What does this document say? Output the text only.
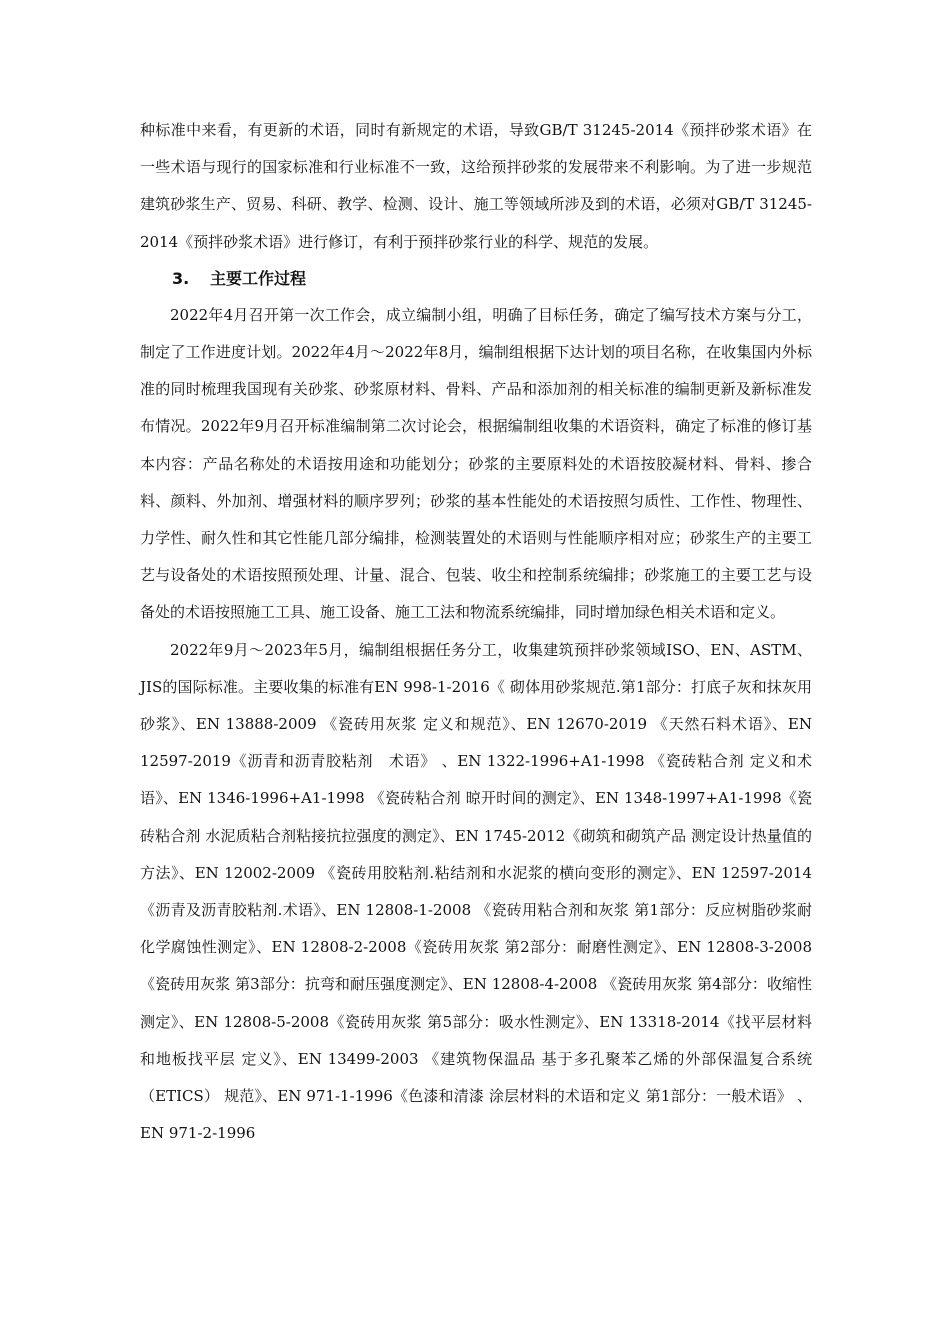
种标准中来看，有更新的术语，同时有新规定的术语，导致GB/T 31245-2014《预拌砂浆术语》在一些术语与现行的国家标准和行业标准不一致，这给预拌砂浆的发展带来不利影响。为了进一步规范建筑砂浆生产、贸易、科研、教学、检测、设计、施工等领域所涉及到的术语，必须对GB/T 31245-2014《预拌砂浆术语》进行修订，有利于预拌砂浆行业的科学、规范的发展。

3. 主要工作过程

2022年4月召开第一次工作会，成立编制小组，明确了目标任务，确定了编写技术方案与分工，制定了工作进度计划。2022年4月～2022年8月，编制组根据下达计划的项目名称，在收集国内外标准的同时梳理我国现有关砂浆、砂浆原材料、骨料、产品和添加剂的相关标准的编制更新及新标准发布情况。2022年9月召开标准编制第二次讨论会，根据编制组收集的术语资料，确定了标准的修订基本内容：产品名称处的术语按用途和功能划分；砂浆的主要原料处的术语按胶凝材料、骨料、掺合料、颜料、外加剂、增强材料的顺序罗列；砂浆的基本性能处的术语按照匀质性、工作性、物理性、力学性、耐久性和其它性能几部分编排，检测装置处的术语则与性能顺序相对应；砂浆生产的主要工艺与设备处的术语按照预处理、计量、混合、包装、收尘和控制系统编排；砂浆施工的主要工艺与设备处的术语按照施工工具、施工设备、施工工法和物流系统编排，同时增加绿色相关术语和定义。

2022年9月～2023年5月，编制组根据任务分工，收集建筑预拌砂浆领域ISO、EN、ASTM、JIS的国际标准。主要收集的标准有EN 998-1-2016《 砌体用砂浆规范.第1部分：打底子灰和抹灰用砂浆》、EN 13888-2009 《瓷砖用灰浆 定义和规范》、EN 12670-2019 《天然石料术语》、EN 12597-2019《沥青和沥青胶粘剂　术语》 、EN 1322-1996+A1-1998 《瓷砖粘合剂 定义和术语》、EN 1346-1996+A1-1998 《瓷砖粘合剂 晾开时间的测定》、EN 1348-1997+A1-1998《瓷砖粘合剂 水泥质粘合剂粘接抗拉强度的测定》、EN 1745-2012《砌筑和砌筑产品 测定设计热量值的方法》、EN 12002-2009 《瓷砖用胶粘剂.粘结剂和水泥浆的横向变形的测定》、EN 12597-2014《沥青及沥青胶粘剂.术语》、EN 12808-1-2008 《瓷砖用粘合剂和灰浆 第1部分：反应树脂砂浆耐化学腐蚀性测定》、EN 12808-2-2008《瓷砖用灰浆 第2部分：耐磨性测定》、EN 12808-3-2008 《瓷砖用灰浆 第3部分：抗弯和耐压强度测定》、EN 12808-4-2008 《瓷砖用灰浆 第4部分：收缩性测定》、EN 12808-5-2008《瓷砖用灰浆 第5部分：吸水性测定》、EN 13318-2014《找平层材料和地板找平层 定义》、EN 13499-2003 《建筑物保温品 基于多孔聚苯乙烯的外部保温复合系统（ETICS） 规范》、EN 971-1-1996《色漆和清漆 涂层材料的术语和定义 第1部分：一般术语》 、EN 971-2-1996
